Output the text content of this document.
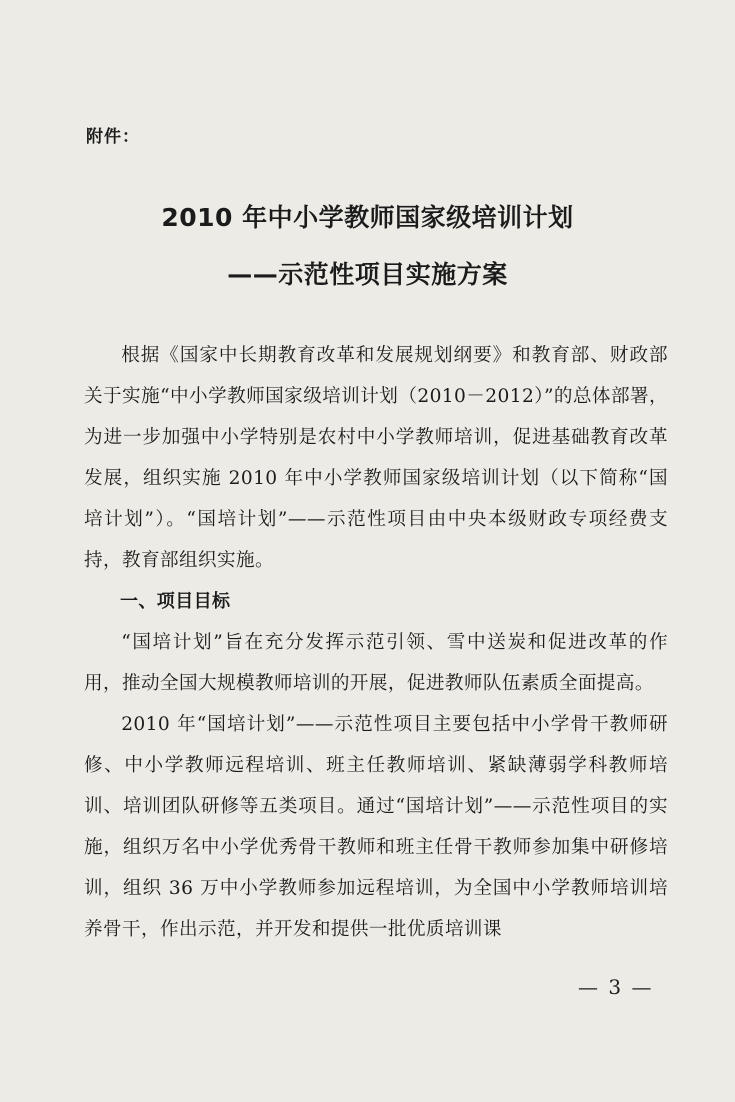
附件：
2010 年中小学教师国家级培训计划
——示范性项目实施方案

根据《国家中长期教育改革和发展规划纲要》和教育部、财政部关于实施“中小学教师国家级培训计划（2010－2012）”的总体部署，为进一步加强中小学特别是农村中小学教师培训，促进基础教育改革发展，组织实施 2010 年中小学教师国家级培训计划（以下简称“国培计划”）。“国培计划”——示范性项目由中央本级财政专项经费支持，教育部组织实施。

一、项目目标

“国培计划”旨在充分发挥示范引领、雪中送炭和促进改革的作用，推动全国大规模教师培训的开展，促进教师队伍素质全面提高。

2010 年“国培计划”——示范性项目主要包括中小学骨干教师研修、中小学教师远程培训、班主任教师培训、紧缺薄弱学科教师培训、培训团队研修等五类项目。通过“国培计划”——示范性项目的实施，组织万名中小学优秀骨干教师和班主任骨干教师参加集中研修培训，组织 36 万中小学教师参加远程培训，为全国中小学教师培训培养骨干，作出示范，并开发和提供一批优质培训课

— 3 —
